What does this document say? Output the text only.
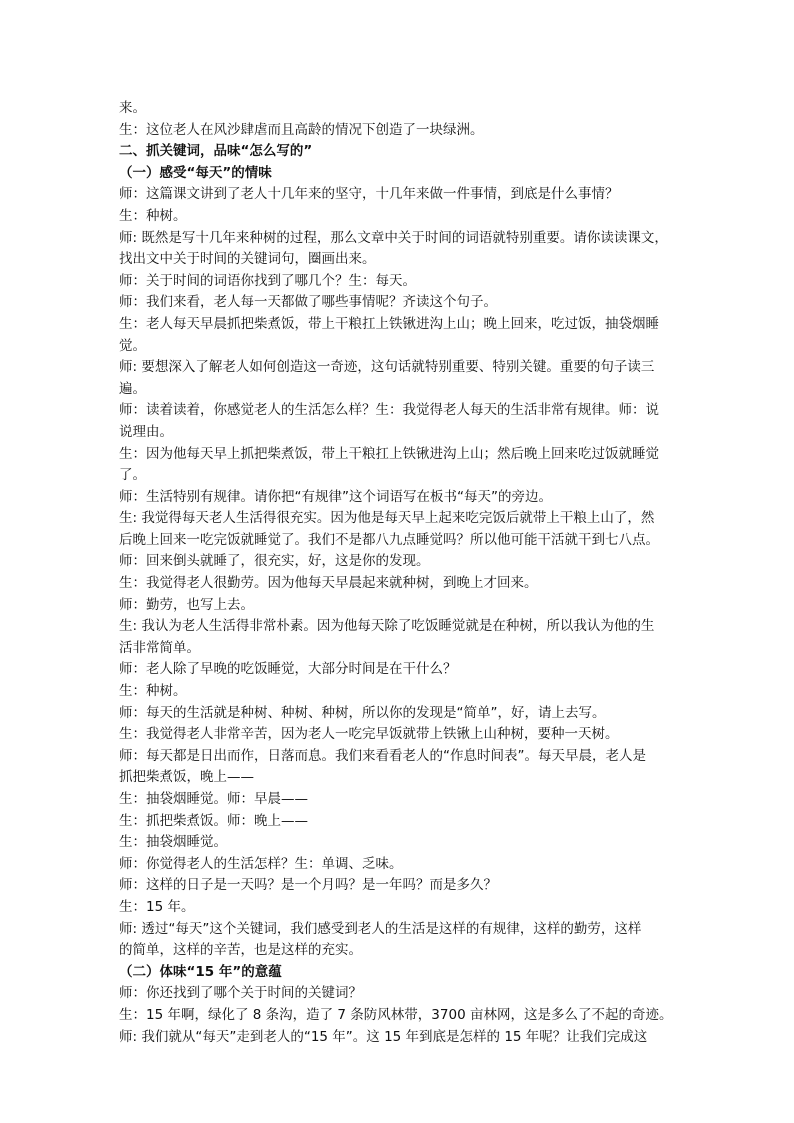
来。

生：这位老人在风沙肆虐而且高龄的情况下创造了一块绿洲。

二、抓关键词，品味“怎么写的”

（一）感受“每天”的情味

师：这篇课文讲到了老人十几年来的坚守，十几年来做一件事情，到底是什么事情？

生：种树。

师: 既然是写十几年来种树的过程，那么文章中关于时间的词语就特别重要。请你读读课文，

找出文中关于时间的关键词句，圈画出来。

师：关于时间的词语你找到了哪几个？生：每天。

师：我们来看，老人每一天都做了哪些事情呢？齐读这个句子。

生：老人每天早晨抓把柴煮饭，带上干粮扛上铁锹进沟上山；晚上回来，吃过饭，抽袋烟睡

觉。

师: 要想深入了解老人如何创造这一奇迹，这句话就特别重要、特别关键。重要的句子读三

遍。

师：读着读着，你感觉老人的生活怎么样？生：我觉得老人每天的生活非常有规律。师：说

说理由。

生：因为他每天早上抓把柴煮饭，带上干粮扛上铁锹进沟上山；然后晚上回来吃过饭就睡觉

了。

师：生活特别有规律。请你把“有规律”这个词语写在板书“每天”的旁边。

生: 我觉得每天老人生活得很充实。因为他是每天早上起来吃完饭后就带上干粮上山了，然

后晚上回来一吃完饭就睡觉了。我们不是都八九点睡觉吗？所以他可能干活就干到七八点。

师：回来倒头就睡了，很充实，好，这是你的发现。

生：我觉得老人很勤劳。因为他每天早晨起来就种树，到晚上才回来。

师：勤劳，也写上去。

生: 我认为老人生活得非常朴素。因为他每天除了吃饭睡觉就是在种树，所以我认为他的生

活非常简单。

师：老人除了早晚的吃饭睡觉，大部分时间是在干什么？

生：种树。

师：每天的生活就是种树、种树、种树，所以你的发现是“简单”，好，请上去写。

生：我觉得老人非常辛苦，因为老人一吃完早饭就带上铁锹上山种树，要种一天树。

师：每天都是日出而作，日落而息。我们来看看老人的“作息时间表”。每天早晨，老人是

抓把柴煮饭，晚上——

生：抽袋烟睡觉。师：早晨——

生：抓把柴煮饭。师：晚上——

生：抽袋烟睡觉。

师：你觉得老人的生活怎样？生：单调、乏味。

师：这样的日子是一天吗？是一个月吗？是一年吗？而是多久？

生：15 年。

师: 透过“每天”这个关键词，我们感受到老人的生活是这样的有规律，这样的勤劳，这样

的简单，这样的辛苦，也是这样的充实。

（二）体味“15 年”的意蕴

师：你还找到了哪个关于时间的关键词？

生：15 年啊，绿化了 8 条沟，造了 7 条防风林带，3700 亩林网，这是多么了不起的奇迹。

师: 我们就从“每天”走到老人的“15 年”。这 15 年到底是怎样的 15 年呢？让我们完成这
